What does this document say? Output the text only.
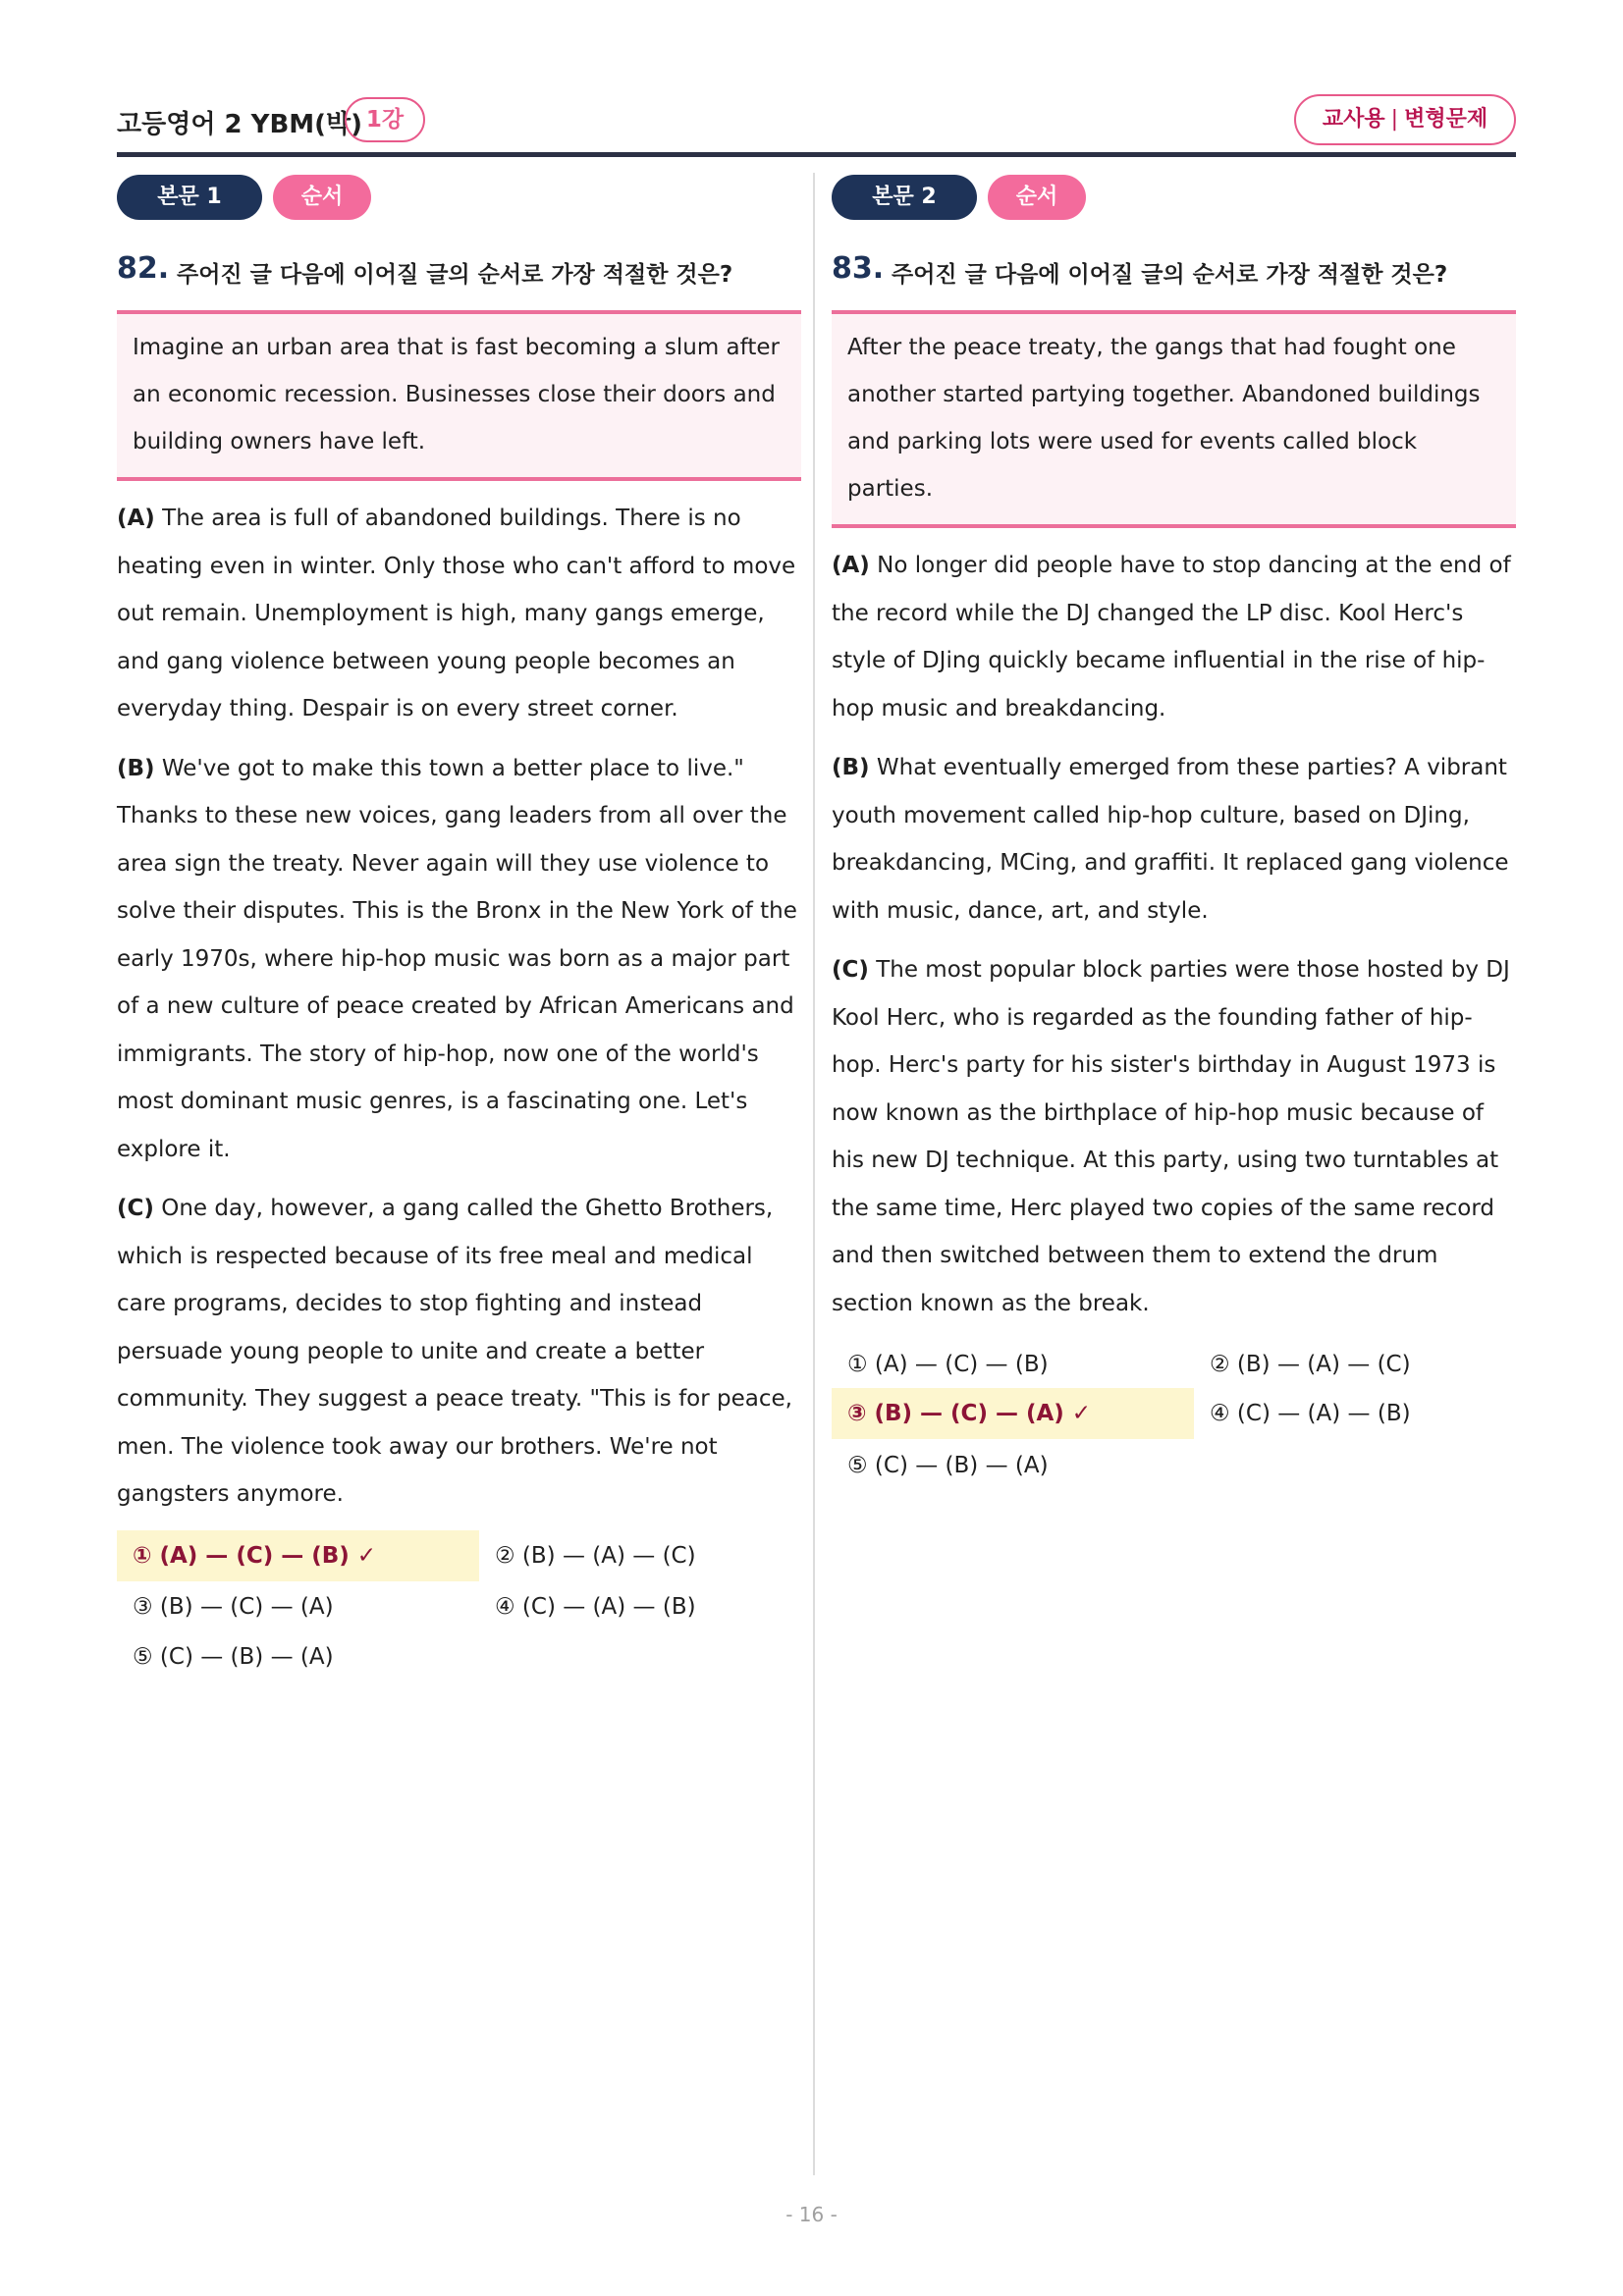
고등영어 2 YBM(박) 1강	교사용 | 변형문제
본문 1	순서
82. 주어진 글 다음에 이어질 글의 순서로 가장 적절한 것은?
Imagine an urban area that is fast becoming a slum after an economic recession. Businesses close their doors and building owners have left.

(A) The area is full of abandoned buildings. There is no heating even in winter. Only those who can't afford to move out remain. Unemployment is high, many gangs emerge, and gang violence between young people becomes an everyday thing. Despair is on every street corner.

(B) We've got to make this town a better place to live." Thanks to these new voices, gang leaders from all over the area sign the treaty. Never again will they use violence to solve their disputes. This is the Bronx in the New York of the early 1970s, where hip-hop music was born as a major part of a new culture of peace created by African Americans and immigrants. The story of hip-hop, now one of the world's most dominant music genres, is a fascinating one. Let's explore it.

(C) One day, however, a gang called the Ghetto Brothers, which is respected because of its free meal and medical care programs, decides to stop fighting and instead persuade young people to unite and create a better community. They suggest a peace treaty. "This is for peace, men. The violence took away our brothers. We're not gangsters anymore.

① (A) — (C) — (B) ✓	② (B) — (A) — (C)
③ (B) — (C) — (A)	④ (C) — (A) — (B)
⑤ (C) — (B) — (A)
본문 2	순서
83. 주어진 글 다음에 이어질 글의 순서로 가장 적절한 것은?
After the peace treaty, the gangs that had fought one another started partying together. Abandoned buildings and parking lots were used for events called block parties.

(A) No longer did people have to stop dancing at the end of the record while the DJ changed the LP disc. Kool Herc's style of DJing quickly became influential in the rise of hip-hop music and breakdancing.

(B) What eventually emerged from these parties? A vibrant youth movement called hip-hop culture, based on DJing, breakdancing, MCing, and graffiti. It replaced gang violence with music, dance, art, and style.

(C) The most popular block parties were those hosted by DJ Kool Herc, who is regarded as the founding father of hip-hop. Herc's party for his sister's birthday in August 1973 is now known as the birthplace of hip-hop music because of his new DJ technique. At this party, using two turntables at the same time, Herc played two copies of the same record and then switched between them to extend the drum section known as the break.

① (A) — (C) — (B)	② (B) — (A) — (C)
③ (B) — (C) — (A) ✓	④ (C) — (A) — (B)
⑤ (C) — (B) — (A)
- 16 -
